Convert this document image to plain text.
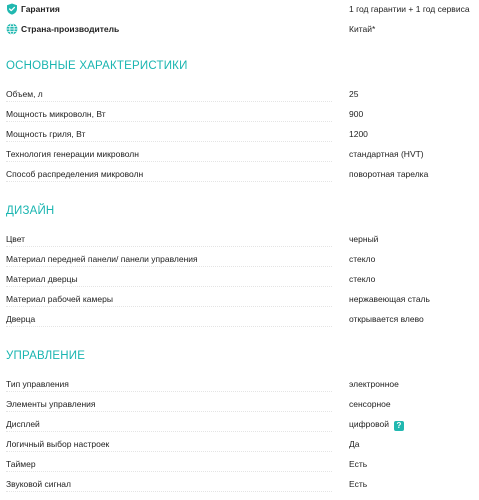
Гарантия	1 год гарантии + 1 год сервиса
Страна-производитель	Китай*
ОСНОВНЫЕ ХАРАКТЕРИСТИКИ
Объем, л	25
Мощность микроволн, Вт	900
Мощность гриля, Вт	1200
Технология генерации микроволн	стандартная (HVT)
Способ распределения микроволн	поворотная тарелка
ДИЗАЙН
Цвет	черный
Материал передней панели/ панели управления	стекло
Материал дверцы	стекло
Материал рабочей камеры	нержавеющая сталь
Дверца	открывается влево
УПРАВЛЕНИЕ
Тип управления	электронное
Элементы управления	сенсорное
Дисплей	цифровой ?
Логичный выбор настроек	Да
Таймер	Есть
Звуковой сигнал	Есть
